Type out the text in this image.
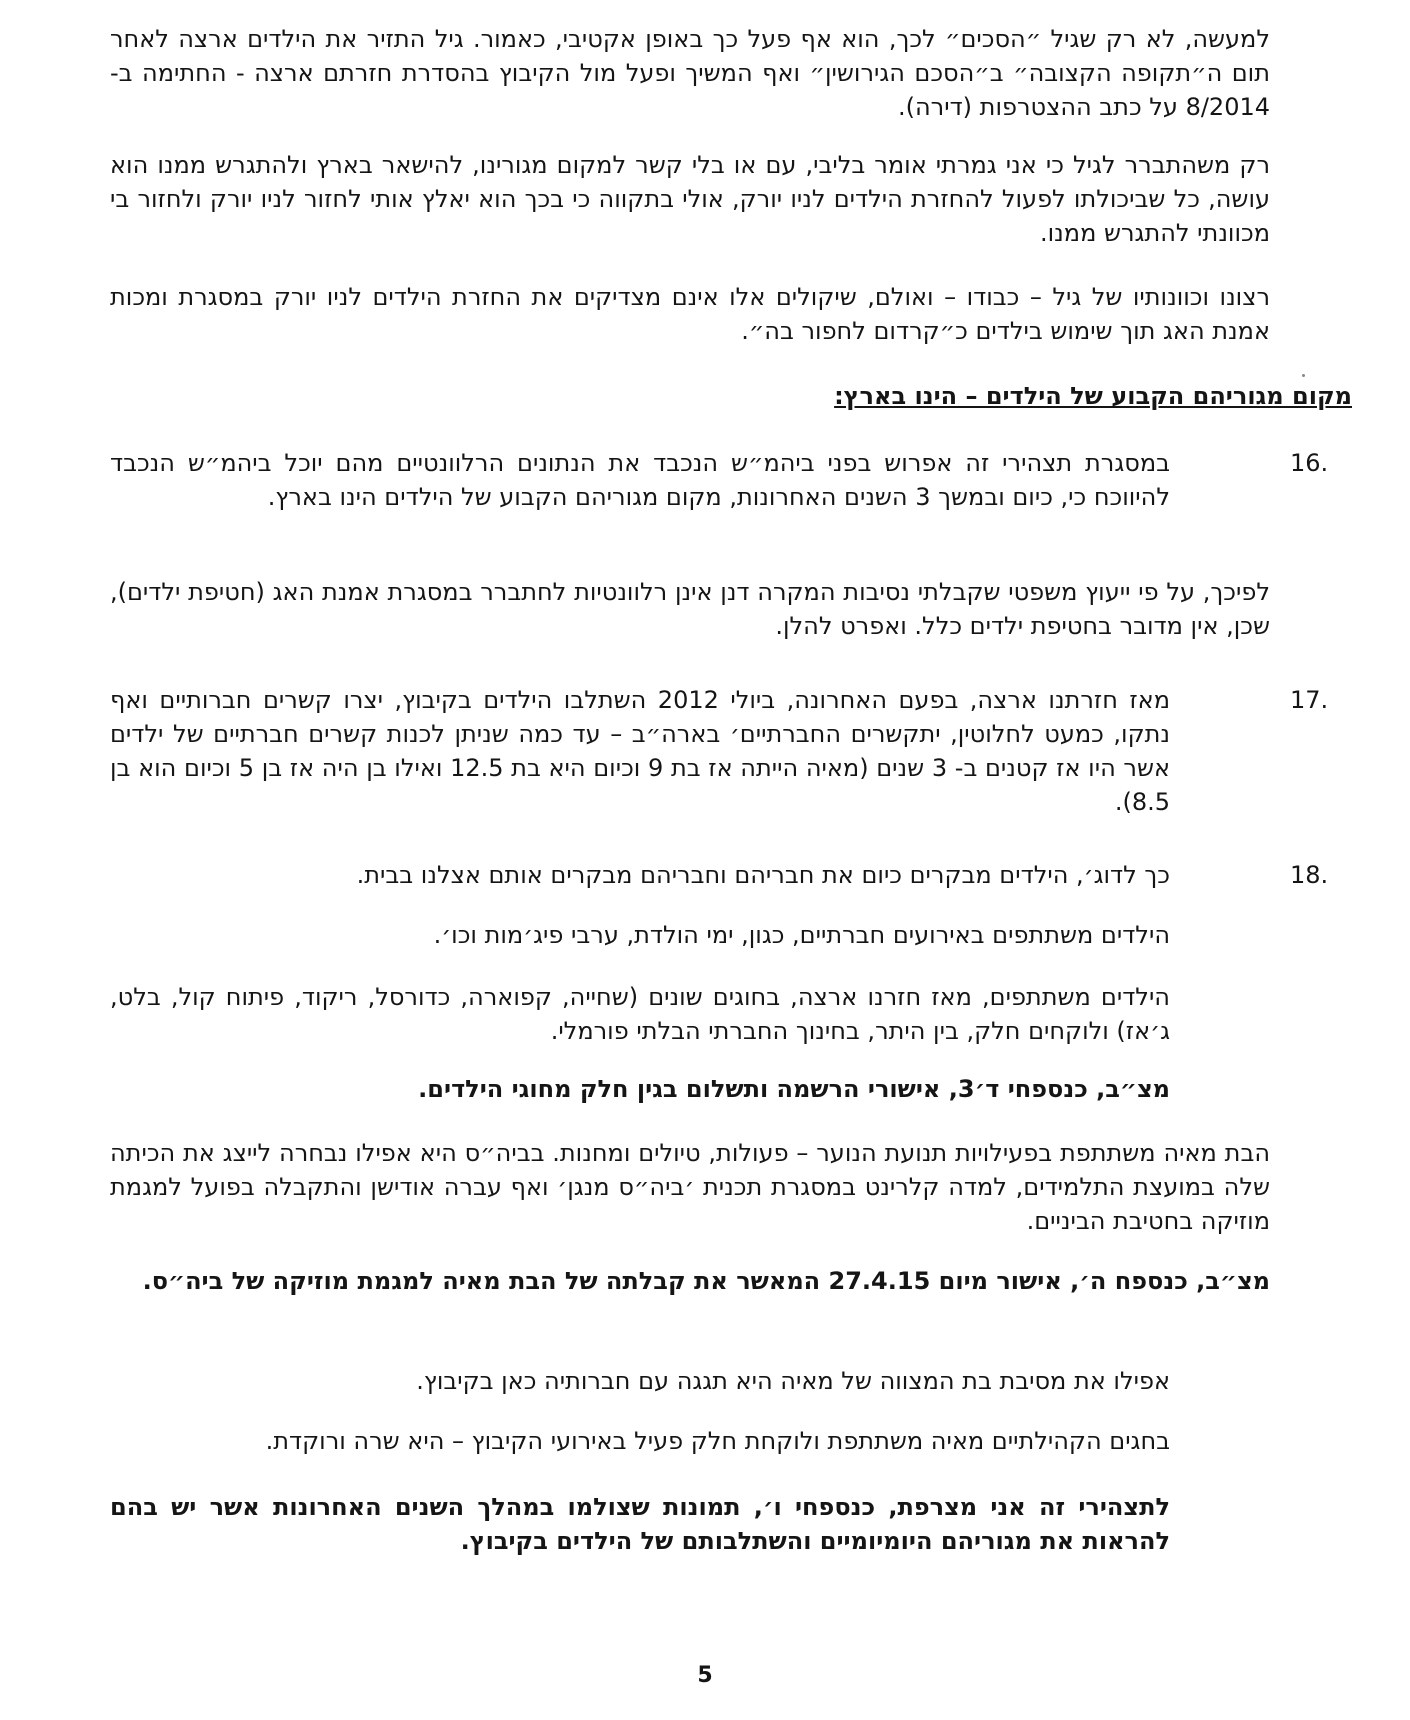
למעשה, לא רק שגיל ״הסכים״ לכך, הוא אף פעל כך באופן אקטיבי, כאמור. גיל התזיר את הילדים ארצה לאחר תום ה״תקופה הקצובה״ ב״הסכם הגירושין״ ואף המשיך ופעל מול הקיבוץ בהסדרת חזרתם ארצה - החתימה ב- 8/2014 על כתב ההצטרפות (דירה).

רק משהתברר לגיל כי אני גמרתי אומר בליבי, עם או בלי קשר למקום מגורינו, להישאר בארץ ולהתגרש ממנו הוא עושה, כל שביכולתו לפעול להחזרת הילדים לניו יורק, אולי בתקווה כי בכך הוא יאלץ אותי לחזור לניו יורק ולחזור בי מכוונתי להתגרש ממנו.

רצונו וכוונותיו של גיל – כבודו – ואולם, שיקולים אלו אינם מצדיקים את החזרת הילדים לניו יורק במסגרת ומכות אמנת האג תוך שימוש בילדים כ״קרדום לחפור בה״.

מקום מגוריהם הקבוע של הילדים – הינו בארץ:
16.

במסגרת תצהירי זה אפרוש בפני ביהמ״ש הנכבד את הנתונים הרלוונטיים מהם יוכל ביהמ״ש הנכבד להיווכח כי, כיום ובמשך 3 השנים האחרונות, מקום מגוריהם הקבוע של הילדים הינו בארץ.

לפיכך, על פי ייעוץ משפטי שקבלתי נסיבות המקרה דנן אינן רלוונטיות לחתברר במסגרת אמנת האג (חטיפת ילדים), שכן, אין מדובר בחטיפת ילדים כלל. ואפרט להלן.

17.

מאז חזרתנו ארצה, בפעם האחרונה, ביולי 2012 השתלבו הילדים בקיבוץ, יצרו קשרים חברותיים ואף נתקו, כמעט לחלוטין, יתקשרים החברתיים׳ בארה״ב – עד כמה שניתן לכנות קשרים חברתיים של ילדים אשר היו אז קטנים ב- 3 שנים (מאיה הייתה אז בת 9 וכיום היא בת 12.5 ואילו בן היה אז בן 5 וכיום הוא בן 8.5).

18.

כך לדוג׳, הילדים מבקרים כיום את חבריהם וחבריהם מבקרים אותם אצלנו בבית.

הילדים משתתפים באירועים חברתיים, כגון, ימי הולדת, ערבי פיג׳מות וכו׳.

הילדים משתתפים, מאז חזרנו ארצה, בחוגים שונים (שחייה, קפוארה, כדורסל, ריקוד, פיתוח קול, בלט, ג׳אז) ולוקחים חלק, בין היתר, בחינוך החברתי הבלתי פורמלי.

מצ״ב, כנספחי ד׳3, אישורי הרשמה ותשלום בגין חלק מחוגי הילדים.

הבת מאיה משתתפת בפעילויות תנועת הנוער – פעולות, טיולים ומחנות. בביה״ס היא אפילו נבחרה לייצג את הכיתה שלה במועצת התלמידים, למדה קלרינט במסגרת תכנית ׳ביה״ס מנגן׳ ואף עברה אודישן והתקבלה בפועל למגמת מוזיקה בחטיבת הביניים.

מצ״ב, כנספח ה׳, אישור מיום 27.4.15 המאשר את קבלתה של הבת מאיה למגמת מוזיקה של ביה״ס.

אפילו את מסיבת בת המצווה של מאיה היא תגגה עם חברותיה כאן בקיבוץ.

בחגים הקהילתיים מאיה משתתפת ולוקחת חלק פעיל באירועי הקיבוץ – היא שרה ורוקדת.

לתצהירי זה אני מצרפת, כנספחי ו׳, תמונות שצולמו במהלך השנים האחרונות אשר יש בהם להראות את מגוריהם היומיומיים והשתלבותם של הילדים בקיבוץ.

5
